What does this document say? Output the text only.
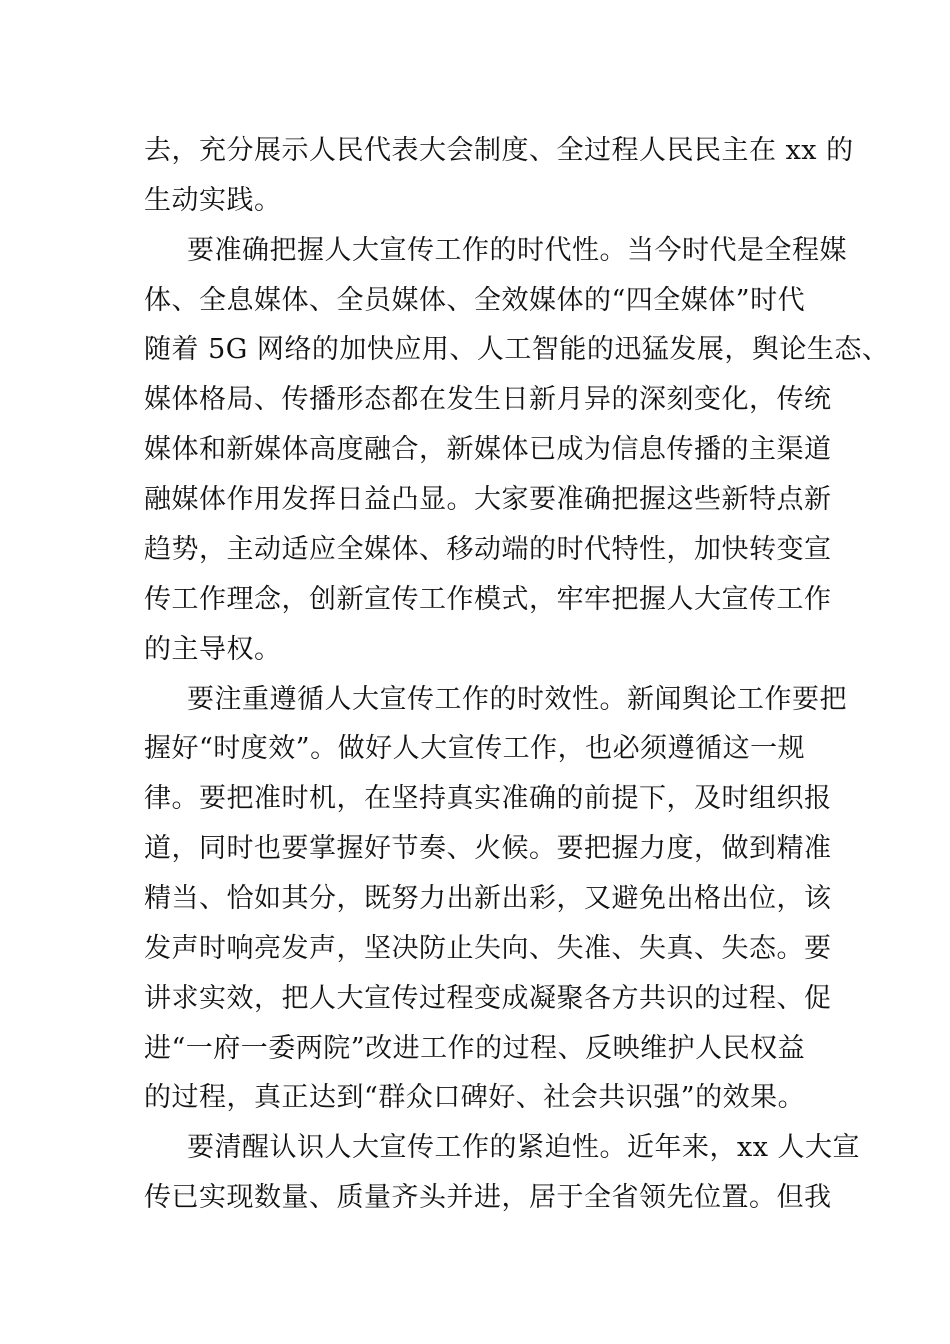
去，充分展示人民代表大会制度、全过程人民民主在 xx 的
生动实践。
要准确把握人大宣传工作的时代性。当今时代是全程媒
体、全息媒体、全员媒体、全效媒体的“四全媒体”时代
随着 5G 网络的加快应用、人工智能的迅猛发展，舆论生态、
媒体格局、传播形态都在发生日新月异的深刻变化，传统
媒体和新媒体高度融合，新媒体已成为信息传播的主渠道
融媒体作用发挥日益凸显。大家要准确把握这些新特点新
趋势，主动适应全媒体、移动端的时代特性，加快转变宣
传工作理念，创新宣传工作模式，牢牢把握人大宣传工作
的主导权。
要注重遵循人大宣传工作的时效性。新闻舆论工作要把
握好“时度效”。做好人大宣传工作，也必须遵循这一规
律。要把准时机，在坚持真实准确的前提下，及时组织报
道，同时也要掌握好节奏、火候。要把握力度，做到精准
精当、恰如其分，既努力出新出彩，又避免出格出位，该
发声时响亮发声，坚决防止失向、失准、失真、失态。要
讲求实效，把人大宣传过程变成凝聚各方共识的过程、促
进“一府一委两院”改进工作的过程、反映维护人民权益
的过程，真正达到“群众口碑好、社会共识强”的效果。
要清醒认识人大宣传工作的紧迫性。近年来，xx 人大宣
传已实现数量、质量齐头并进，居于全省领先位置。但我
